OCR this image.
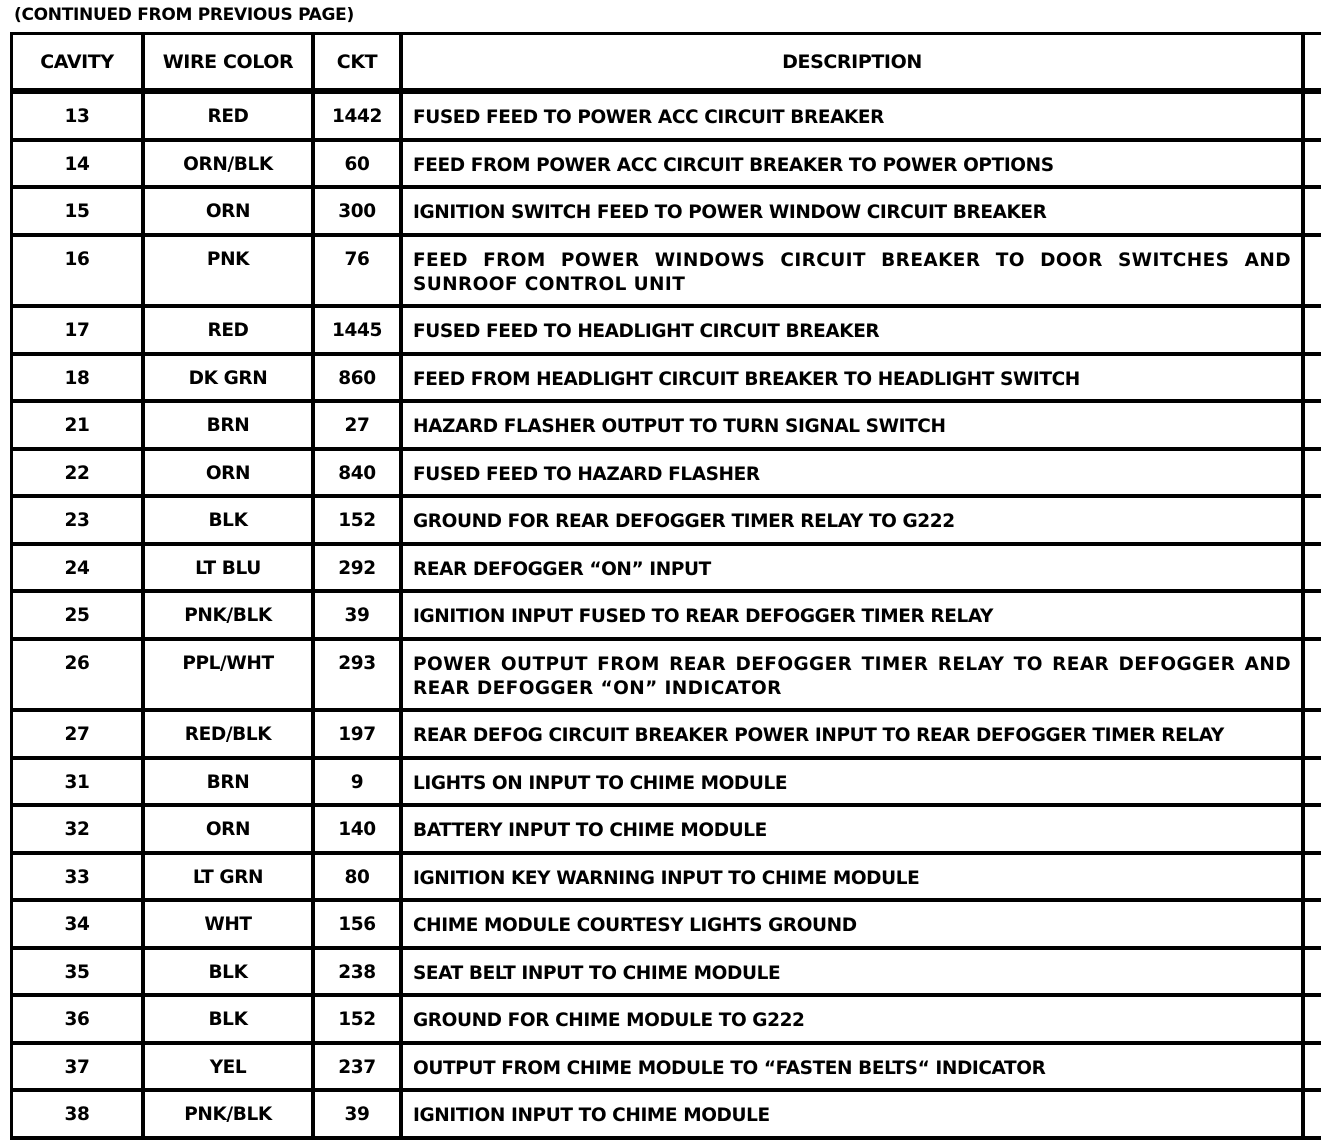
(CONTINUED FROM PREVIOUS PAGE)
CAVITY	WIRE COLOR	CKT	DESCRIPTION
13	RED	1442	FUSED FEED TO POWER ACC CIRCUIT BREAKER
14	ORN/BLK	60	FEED FROM POWER ACC CIRCUIT BREAKER TO POWER OPTIONS
15	ORN	300	IGNITION SWITCH FEED TO POWER WINDOW CIRCUIT BREAKER
16	PNK	76	FEED FROM POWER WINDOWS CIRCUIT BREAKER TO DOOR SWITCHES AND SUNROOF CONTROL UNIT
17	RED	1445	FUSED FEED TO HEADLIGHT CIRCUIT BREAKER
18	DK GRN	860	FEED FROM HEADLIGHT CIRCUIT BREAKER TO HEADLIGHT SWITCH
21	BRN	27	HAZARD FLASHER OUTPUT TO TURN SIGNAL SWITCH
22	ORN	840	FUSED FEED TO HAZARD FLASHER
23	BLK	152	GROUND FOR REAR DEFOGGER TIMER RELAY TO G222
24	LT BLU	292	REAR DEFOGGER “ON” INPUT
25	PNK/BLK	39	IGNITION INPUT FUSED TO REAR DEFOGGER TIMER RELAY
26	PPL/WHT	293	POWER OUTPUT FROM REAR DEFOGGER TIMER RELAY TO REAR DEFOGGER AND REAR DEFOGGER “ON” INDICATOR
27	RED/BLK	197	REAR DEFOG CIRCUIT BREAKER POWER INPUT TO REAR DEFOGGER TIMER RELAY
31	BRN	9	LIGHTS ON INPUT TO CHIME MODULE
32	ORN	140	BATTERY INPUT TO CHIME MODULE
33	LT GRN	80	IGNITION KEY WARNING INPUT TO CHIME MODULE
34	WHT	156	CHIME MODULE COURTESY LIGHTS GROUND
35	BLK	238	SEAT BELT INPUT TO CHIME MODULE
36	BLK	152	GROUND FOR CHIME MODULE TO G222
37	YEL	237	OUTPUT FROM CHIME MODULE TO “FASTEN BELTS“ INDICATOR
38	PNK/BLK	39	IGNITION INPUT TO CHIME MODULE
